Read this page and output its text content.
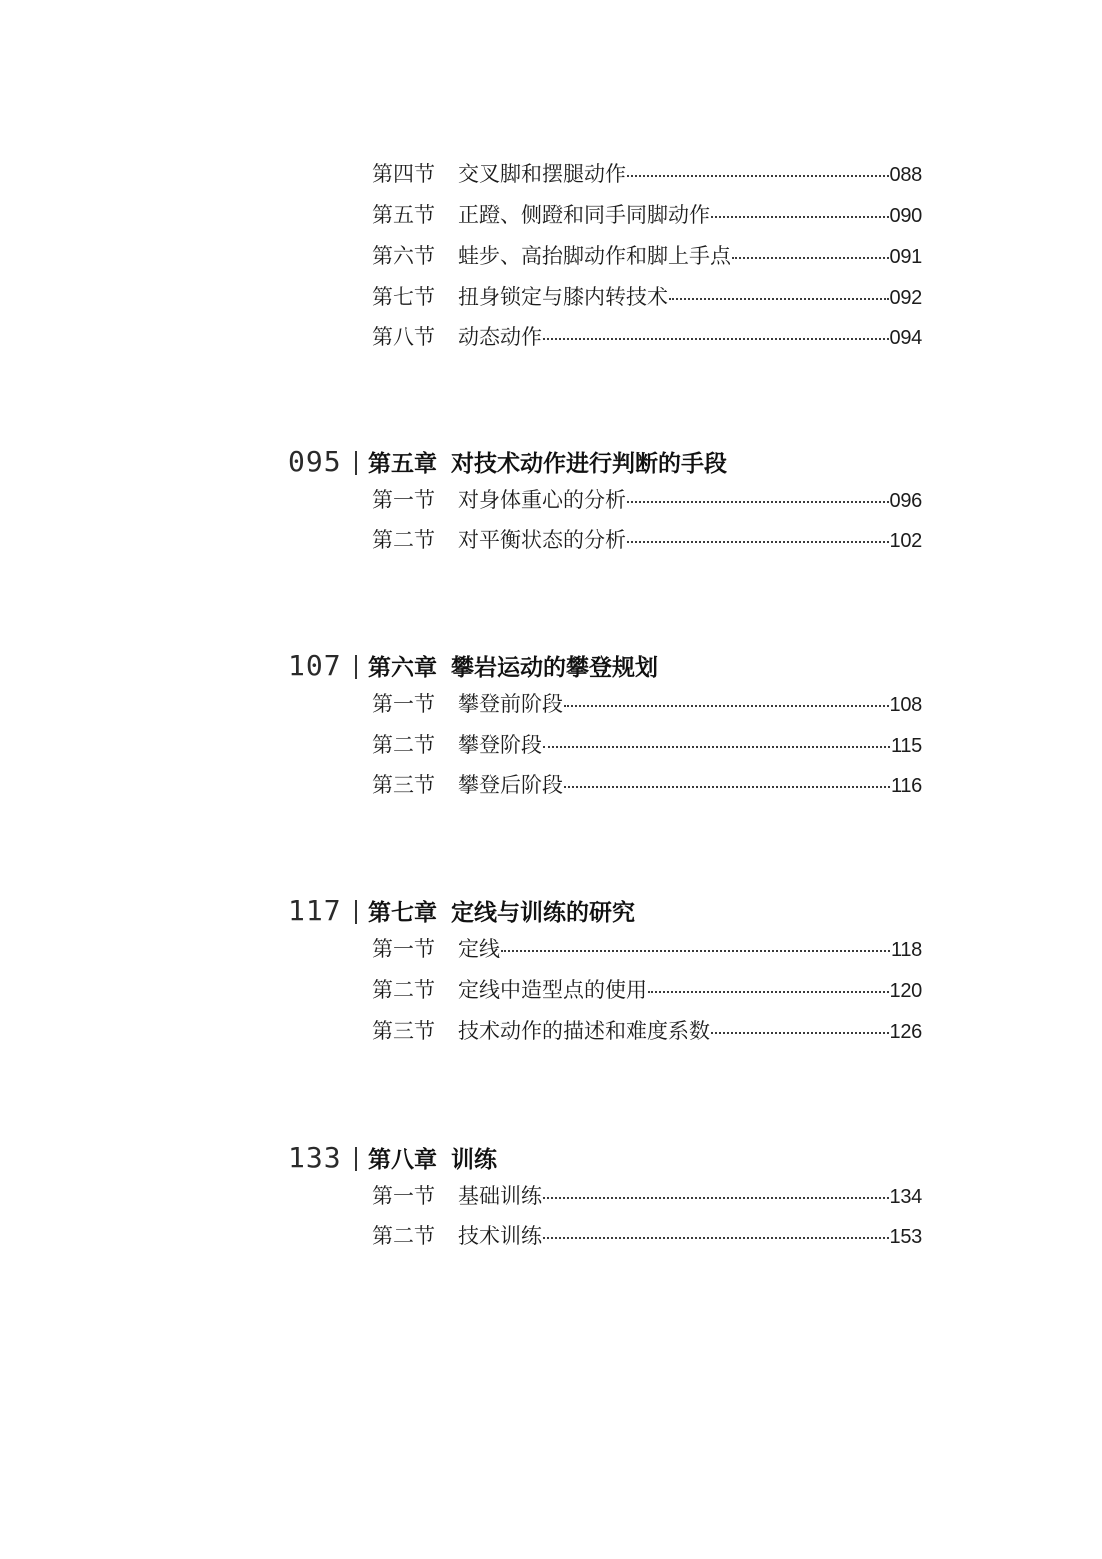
第四节	交叉脚和摆腿动作	088
第五节	正蹬、侧蹬和同手同脚动作	090
第六节	蛙步、高抬脚动作和脚上手点	091
第七节	扭身锁定与膝内转技术	092
第八节	动态动作	094
095	第五章 对技术动作进行判断的手段
第一节	对身体重心的分析	096
第二节	对平衡状态的分析	102
107	第六章 攀岩运动的攀登规划
第一节	攀登前阶段	108
第二节	攀登阶段	115
第三节	攀登后阶段	116
117	第七章 定线与训练的研究
第一节	定线	118
第二节	定线中造型点的使用	120
第三节	技术动作的描述和难度系数	126
133	第八章 训练
第一节	基础训练	134
第二节	技术训练	153
